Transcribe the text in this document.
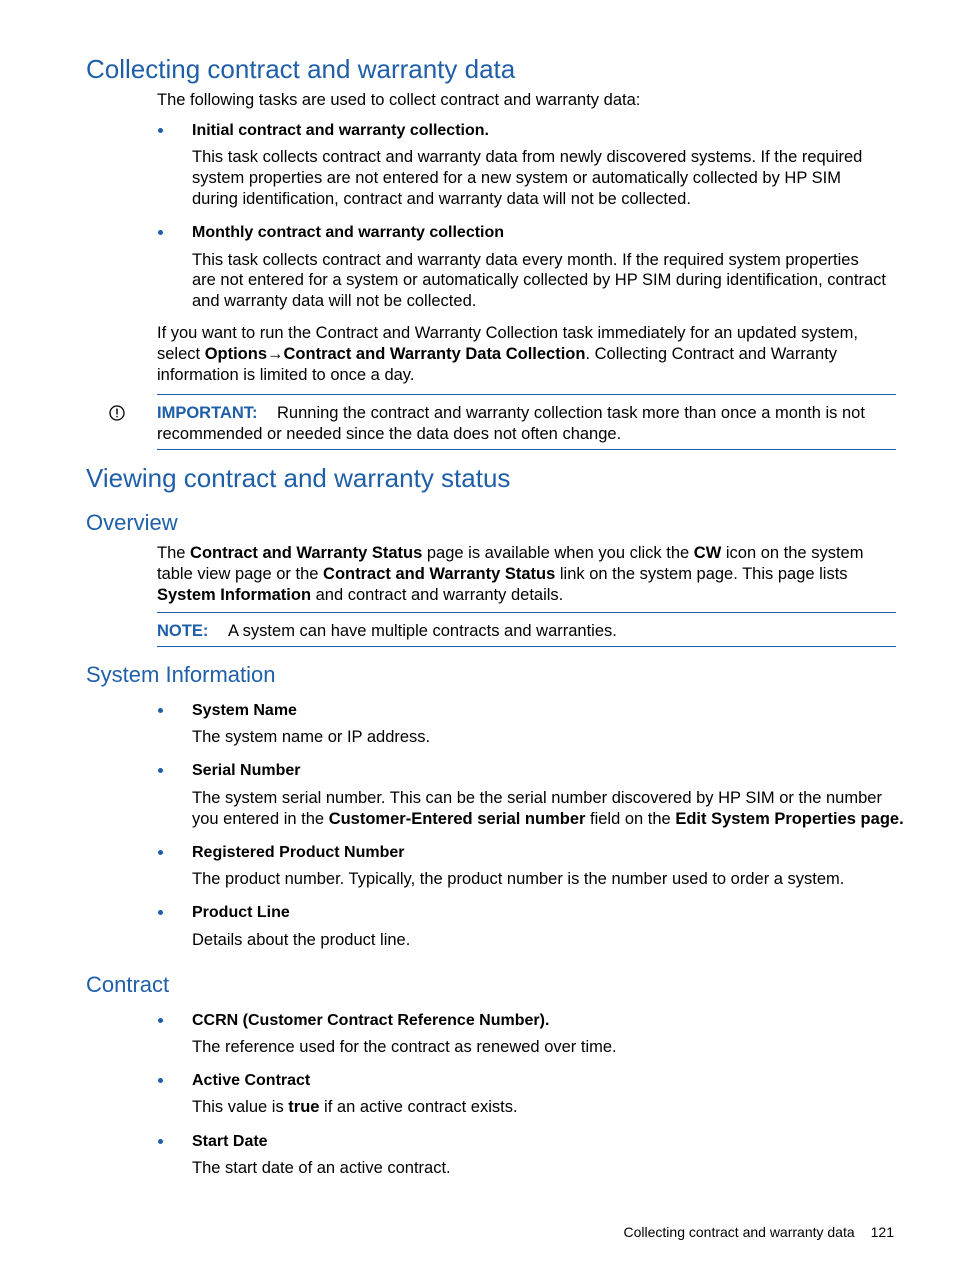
Collecting contract and warranty data

The following tasks are used to collect contract and warranty data:

Initial contract and warranty collection.

This task collects contract and warranty data from newly discovered systems. If the required

system properties are not entered for a new system or automatically collected by HP SIM

during identification, contract and warranty data will not be collected.

Monthly contract and warranty collection

This task collects contract and warranty data every month. If the required system properties

are not entered for a system or automatically collected by HP SIM during identification, contract

and warranty data will not be collected.

If you want to run the Contract and Warranty Collection task immediately for an updated system,

select Options→Contract and Warranty Data Collection. Collecting Contract and Warranty

information is limited to once a day.

IMPORTANT: Running the contract and warranty collection task more than once a month is not

recommended or needed since the data does not often change.

Viewing contract and warranty status
Overview

The Contract and Warranty Status page is available when you click the CW icon on the system

table view page or the Contract and Warranty Status link on the system page. This page lists

System Information and contract and warranty details.

NOTE: A system can have multiple contracts and warranties.

System Information

System Name

The system name or IP address.

Serial Number

The system serial number. This can be the serial number discovered by HP SIM or the number

you entered in the Customer-Entered serial number field on the Edit System Properties page.

Registered Product Number

The product number. Typically, the product number is the number used to order a system.

Product Line

Details about the product line.

Contract

CCRN (Customer Contract Reference Number).

The reference used for the contract as renewed over time.

Active Contract

This value is true if an active contract exists.

Start Date

The start date of an active contract.

Collecting contract and warranty data 121
